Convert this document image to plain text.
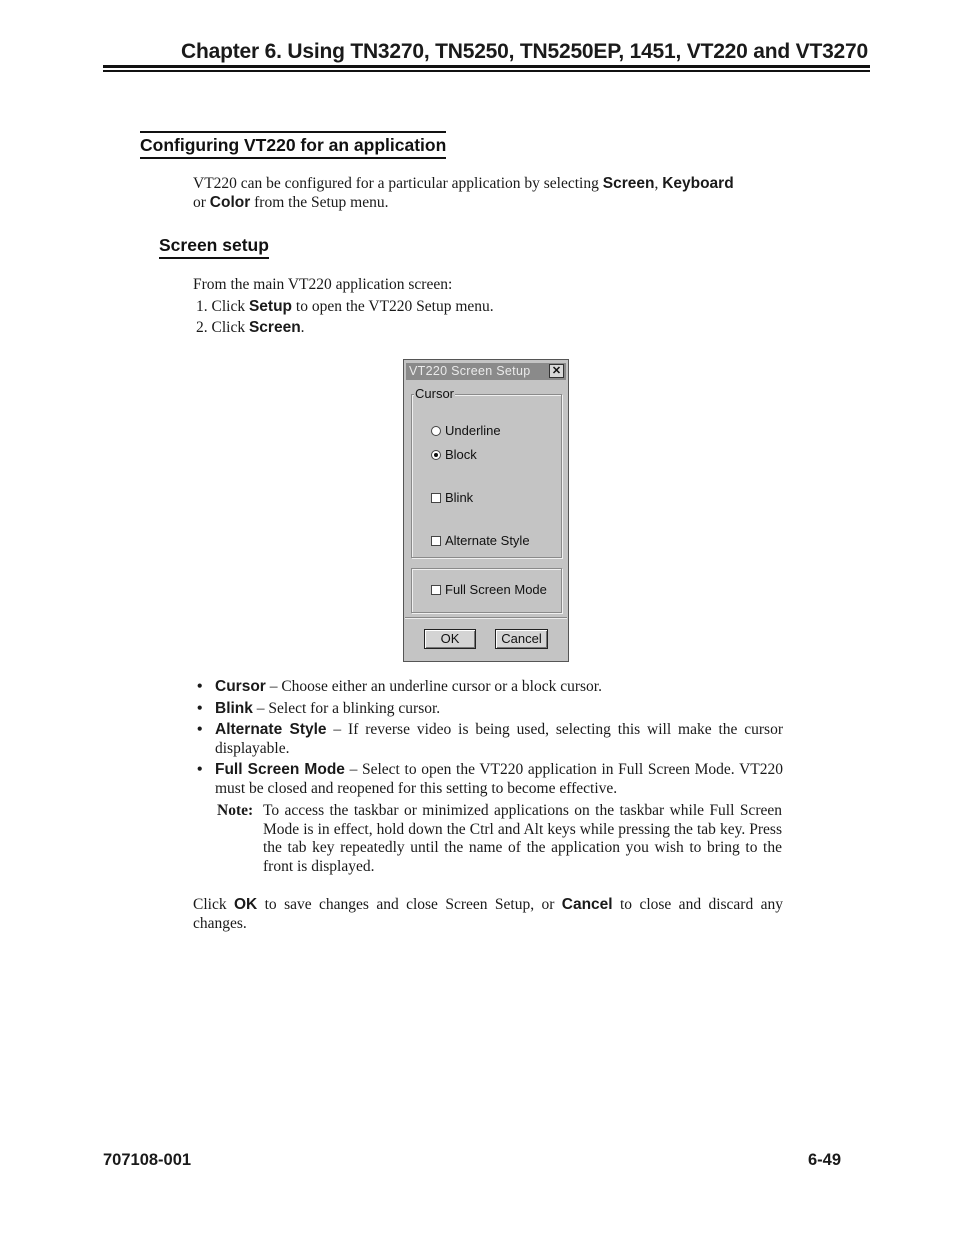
Chapter 6. Using TN3270, TN5250, TN5250EP, 1451, VT220 and VT3270
Configuring VT220 for an application
VT220 can be configured for a particular application by selecting Screen, Keyboard
or Color from the Setup menu.
Screen setup
From the main VT220 application screen:
1. Click Setup to open the VT220 Setup menu.
2. Click Screen.
VT220 Screen Setup ✕
Underline
Block
Blink
Alternate Style
Cursor
Full Screen Mode
OK	Cancel
• Cursor – Choose either an underline cursor or a block cursor.
• Blink – Select for a blinking cursor.
• Alternate Style – If reverse video is being used, selecting this will make the cursor displayable.
• Full Screen Mode – Select to open the VT220 application in Full Screen Mode. VT220 must be closed and reopened for this setting to become effective.
Note: To access the taskbar or minimized applications on the taskbar while Full Screen Mode is in effect, hold down the Ctrl and Alt keys while pressing the tab key. Press the tab key repeatedly until the name of the application you wish to bring to the front is displayed.
Click OK to save changes and close Screen Setup, or Cancel to close and discard any changes.
707108-001	6-49
